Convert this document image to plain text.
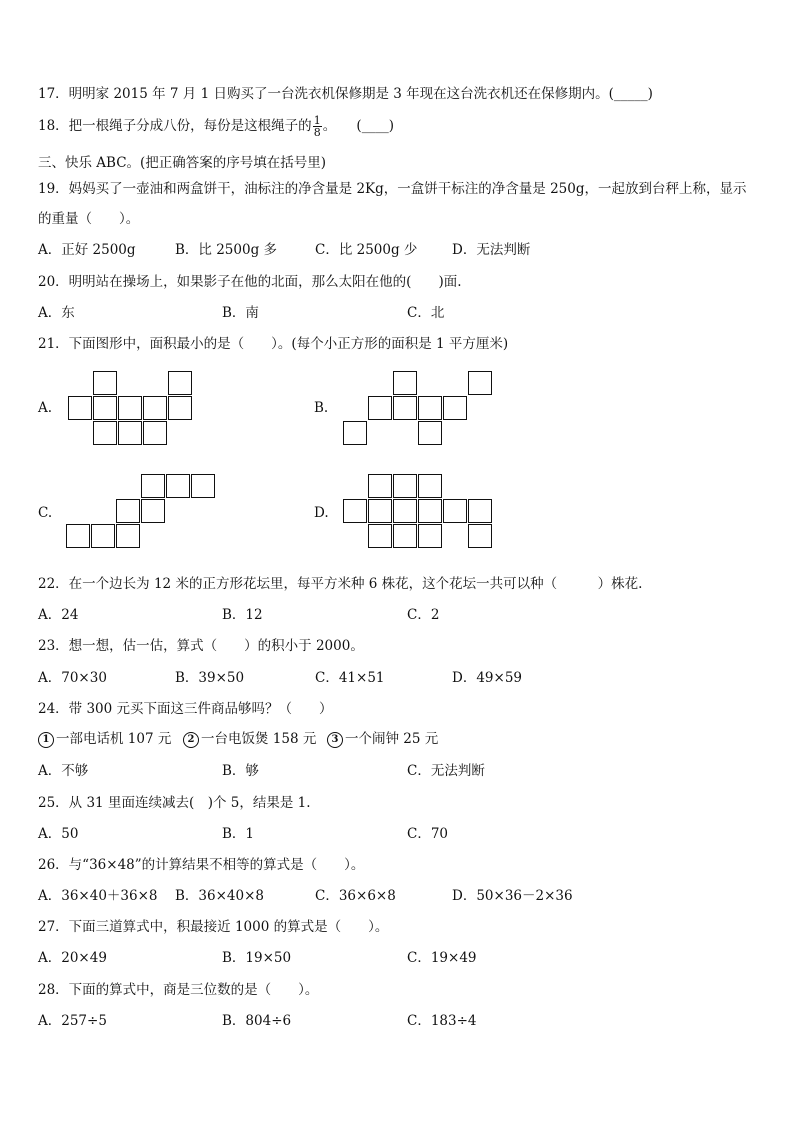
17．明明家 2015 年 7 月 1 日购买了一台洗衣机保修期是 3 年现在这台洗衣机还在保修期内。(_____)
18．把一根绳子分成八份，每份是这根绳子的 $\frac{1}{8}$ 。　　(____)
三、快乐 ABC。(把正确答案的序号填在括号里)
19．妈妈买了一壶油和两盒饼干，油标注的净含量是 2Kg，一盒饼干标注的净含量是 250g，一起放到台秤上称，显示
的重量（　　）。
A．正好 2500g	B．比 2500g 多	C．比 2500g 少	D．无法判断
20．明明站在操场上，如果影子在他的北面，那么太阳在他的(　　)面.
A．东	B．南	C．北
21．下面图形中，面积最小的是（　　）。(每个小正方形的面积是 1 平方厘米)
A.	B.
C.	D.
22．在一个边长为 12 米的正方形花坛里，每平方米种 6 株花，这个花坛一共可以种（　　　）株花.
A．24	B．12	C．2
23．想一想，估一估，算式（　　）的积小于 2000。
A．70×30	B．39×50	C．41×51	D．49×59
24．带 300 元买下面这三件商品够吗？（　　）
1 一部电话机 107 元	2 一台电饭煲 158 元	3 一个闹钟 25 元
A．不够	B．够	C．无法判断
25．从 31 里面连续减去(　)个 5，结果是 1.
A．50	B．1	C．70
26．与“36×48”的计算结果不相等的算式是（　　）。
A．36×40＋36×8 B．36×40×8	C．36×6×8	D．50×36－2×36
27．下面三道算式中，积最接近 1000 的算式是（　　）。
A．20×49	B．19×50	C．19×49
28．下面的算式中，商是三位数的是（　　）。
A．257÷5	B．804÷6	C．183÷4
